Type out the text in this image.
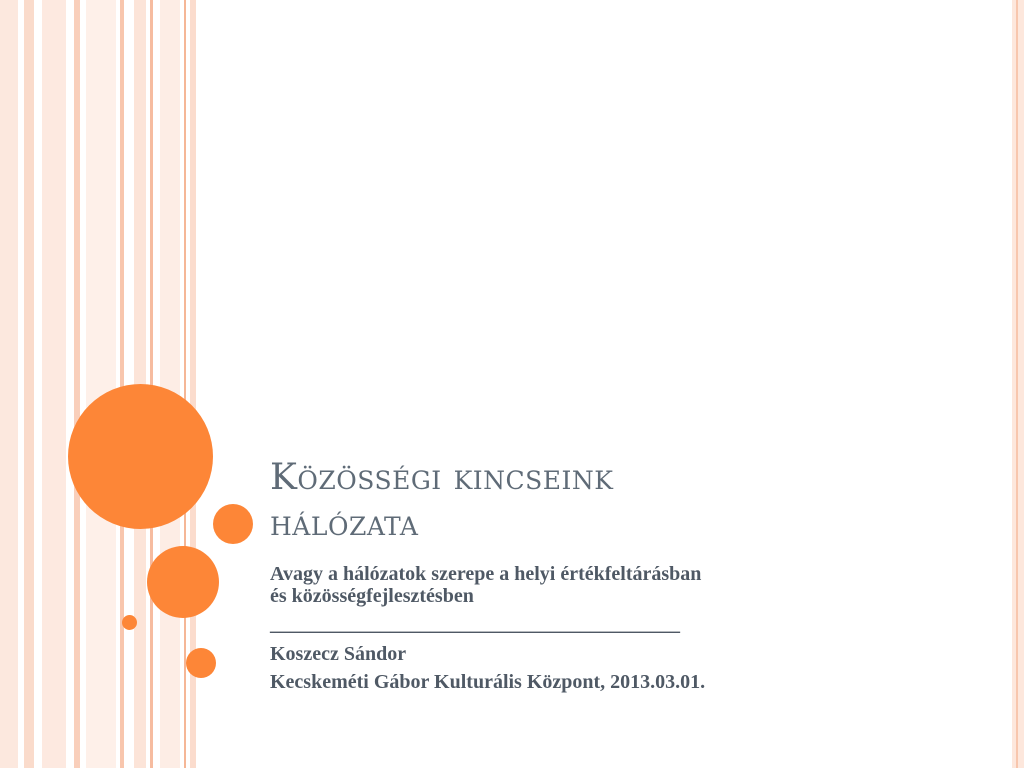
Közösségi kincseink
hálózata

Avagy a hálózatok szerepe a helyi értékfeltárásban

és közösségfejlesztésben

_________________________________________

Koszecz Sándor

Kecskeméti Gábor Kulturális Központ, 2013.03.01.
